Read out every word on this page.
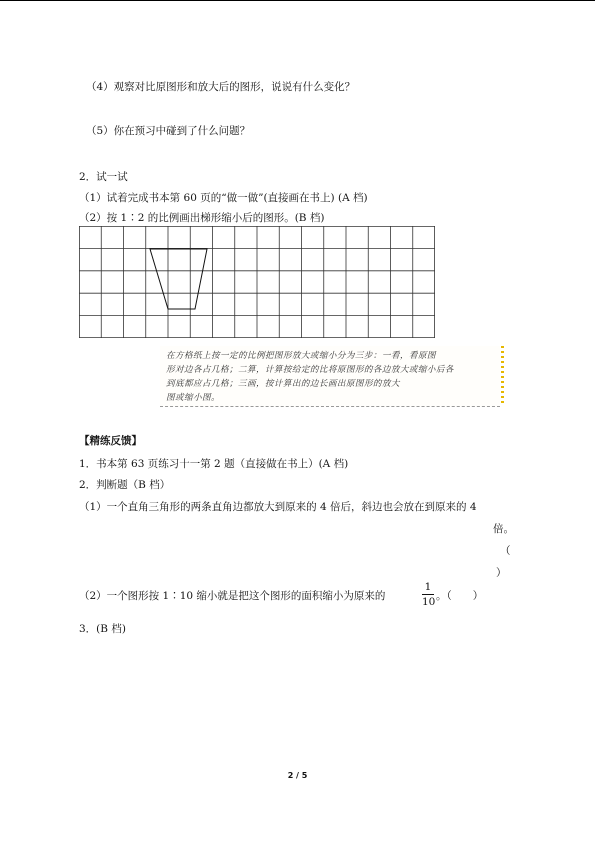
（4）观察对比原图形和放大后的图形，说说有什么变化？
（5）你在预习中碰到了什么问题？
2．试一试
（1）试着完成书本第 60 页的“做一做”(直接画在书上) (A 档)
（2）按 1∶2 的比例画出梯形缩小后的图形。(B 档)
在方格纸上按一定的比例把图形放大或缩小分为三步：一看，看原图
形对边各占几格；二算，计算按给定的比将原图形的各边放大或缩小后各
到底都应占几格；三画，按计算出的边长画出原图形的放大
图或缩小图。
【精练反馈】
1．书本第 63 页练习十一第 2 题（直接做在书上）(A 档)
2．判断题（B 档）
（1）一个直角三角形的两条直角边都放大到原来的 4 倍后，斜边也会放在到原来的 4
倍。
（
）
（2）一个图形按 1∶10 缩小就是把这个图形的面积缩小为原来的
1
10 。（　　）
3．(B 档)
2 / 5
